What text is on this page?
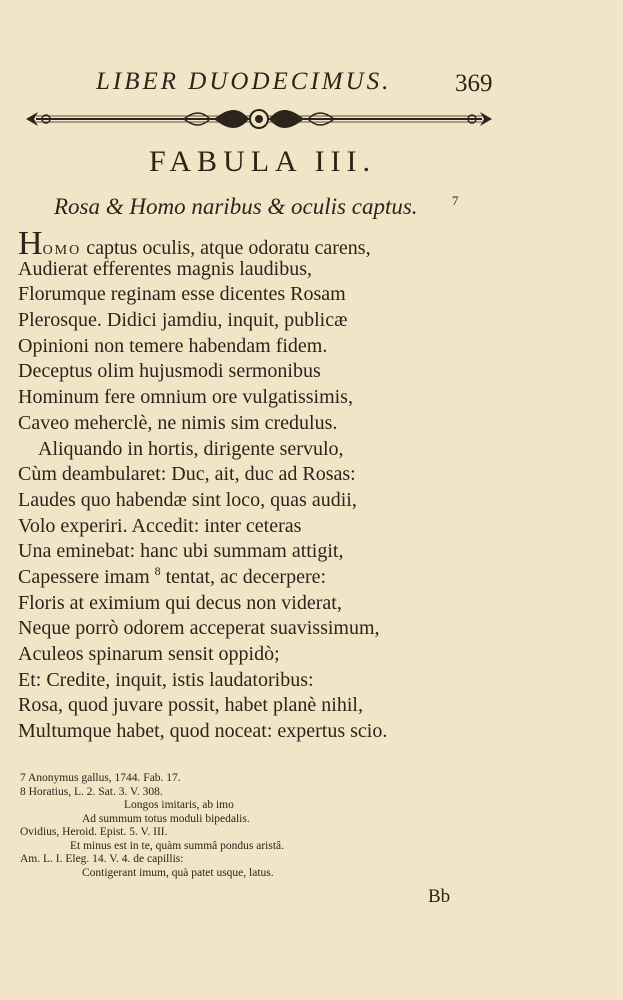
LIBER DUODECIMUS.	369
FABULA III.
Rosa & Homo naribus & oculis captus.	7
HOMO captus oculis, atque odoratu carens,
Audierat efferentes magnis laudibus,
Florumque reginam esse dicentes Rosam
Plerosque. Didici jamdiu, inquit, publicæ
Opinioni non temere habendam fidem.
Deceptus olim hujusmodi sermonibus
Hominum fere omnium ore vulgatissimis,
Caveo meherclè, ne nimis sim credulus.
Aliquando in hortis, dirigente servulo,
Cùm deambularet: Duc, ait, duc ad Rosas:
Laudes quo habendæ sint loco, quas audii,
Volo experiri. Accedit: inter ceteras
Una eminebat: hanc ubi summam attigit,
Capessere imam $^8$ tentat, ac decerpere:
Floris at eximium qui decus non viderat,
Neque porrò odorem acceperat suavissimum,
Aculeos spinarum sensit oppidò;
Et: Credite, inquit, istis laudatoribus:
Rosa, quod juvare possit, habet planè nihil,
Multumque habet, quod noceat: expertus scio.
7 Anonymus gallus, 1744. Fab. 17.
8 Horatius, L. 2. Sat. 3. V. 308.
Longos imitaris, ab imo
Ad summum totus moduli bipedalis.
Ovidius, Heroid. Epist. 5. V. III.
Et minus est in te, quàm summâ pondus aristâ.
Am. L. I. Eleg. 14. V. 4. de capillis:
Contigerant imum, quà patet usque, latus.
Bb
